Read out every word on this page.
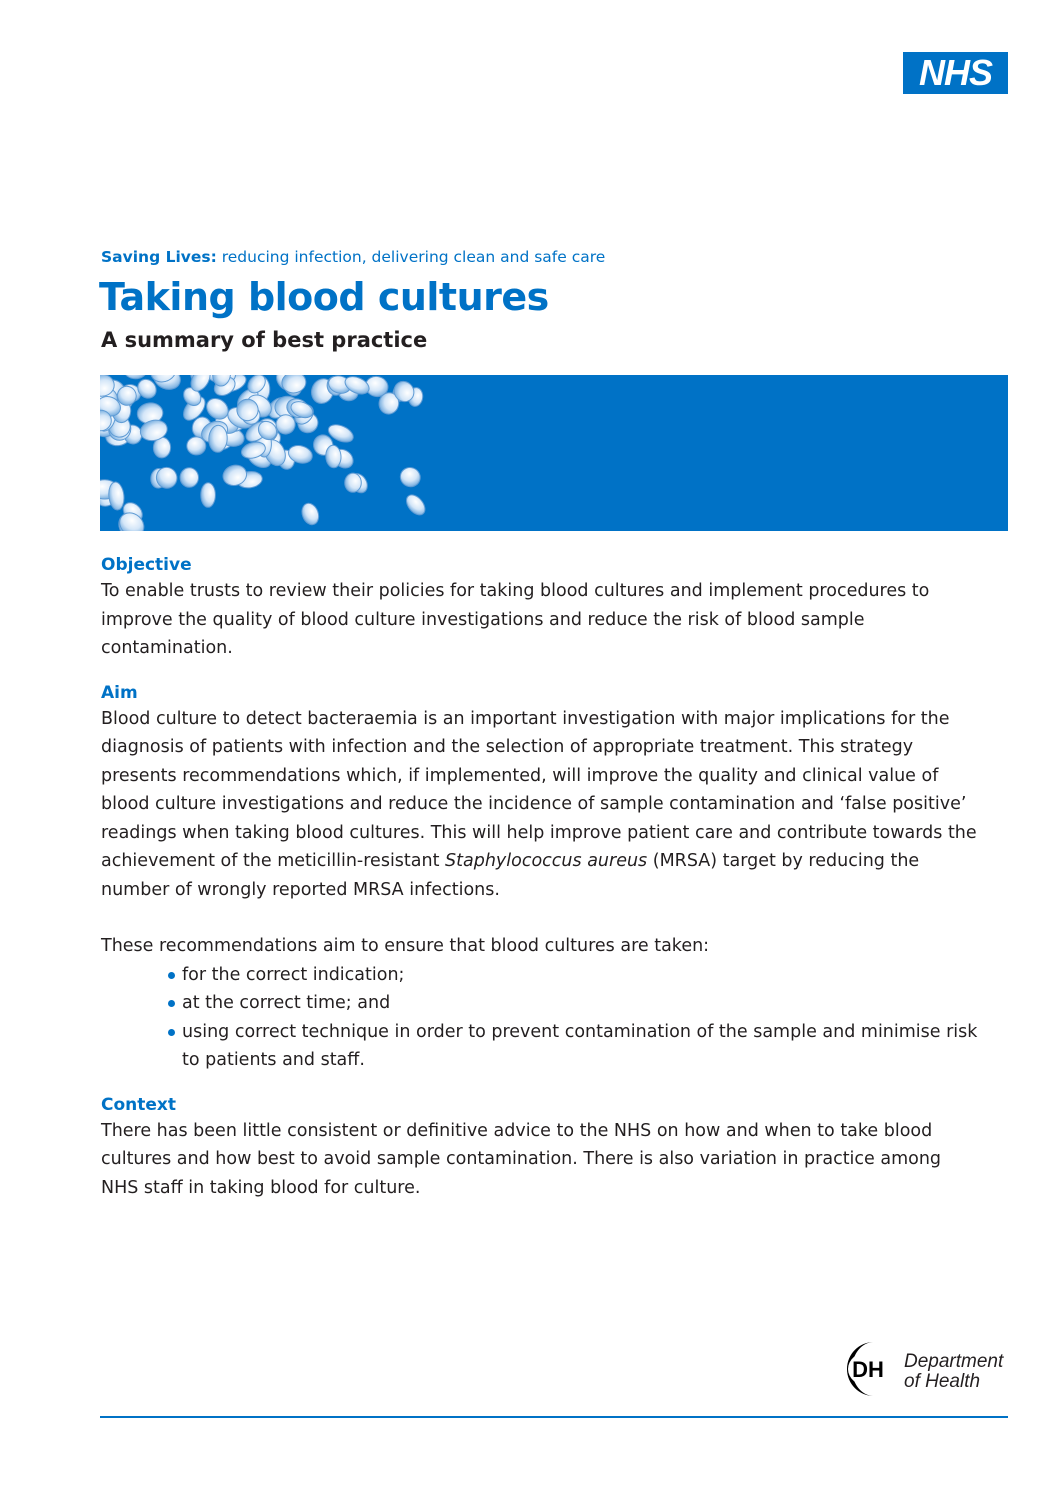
NHS
Saving Lives: reducing infection, delivering clean and safe care
Taking blood cultures
A summary of best practice
Objective

To enable trusts to review their policies for taking blood cultures and implement procedures to improve the quality of blood culture investigations and reduce the risk of blood sample contamination.

Aim

Blood culture to detect bacteraemia is an important investigation with major implications for the diagnosis of patients with infection and the selection of appropriate treatment. This strategy presents recommendations which, if implemented, will improve the quality and clinical value of blood culture investigations and reduce the incidence of sample contamination and ‘false positive’ readings when taking blood cultures. This will help improve patient care and contribute towards the achievement of the meticillin-resistant Staphylococcus aureus (MRSA) target by reducing the number of wrongly reported MRSA infections.

These recommendations aim to ensure that blood cultures are taken:

for the correct indication;
at the correct time; and
using correct technique in order to prevent contamination of the sample and minimise risk to patients and staff.
Context

There has been little consistent or definitive advice to the NHS on how and when to take blood cultures and how best to avoid sample contamination. There is also variation in practice among NHS staff in taking blood for culture.

DH Department
of Health
